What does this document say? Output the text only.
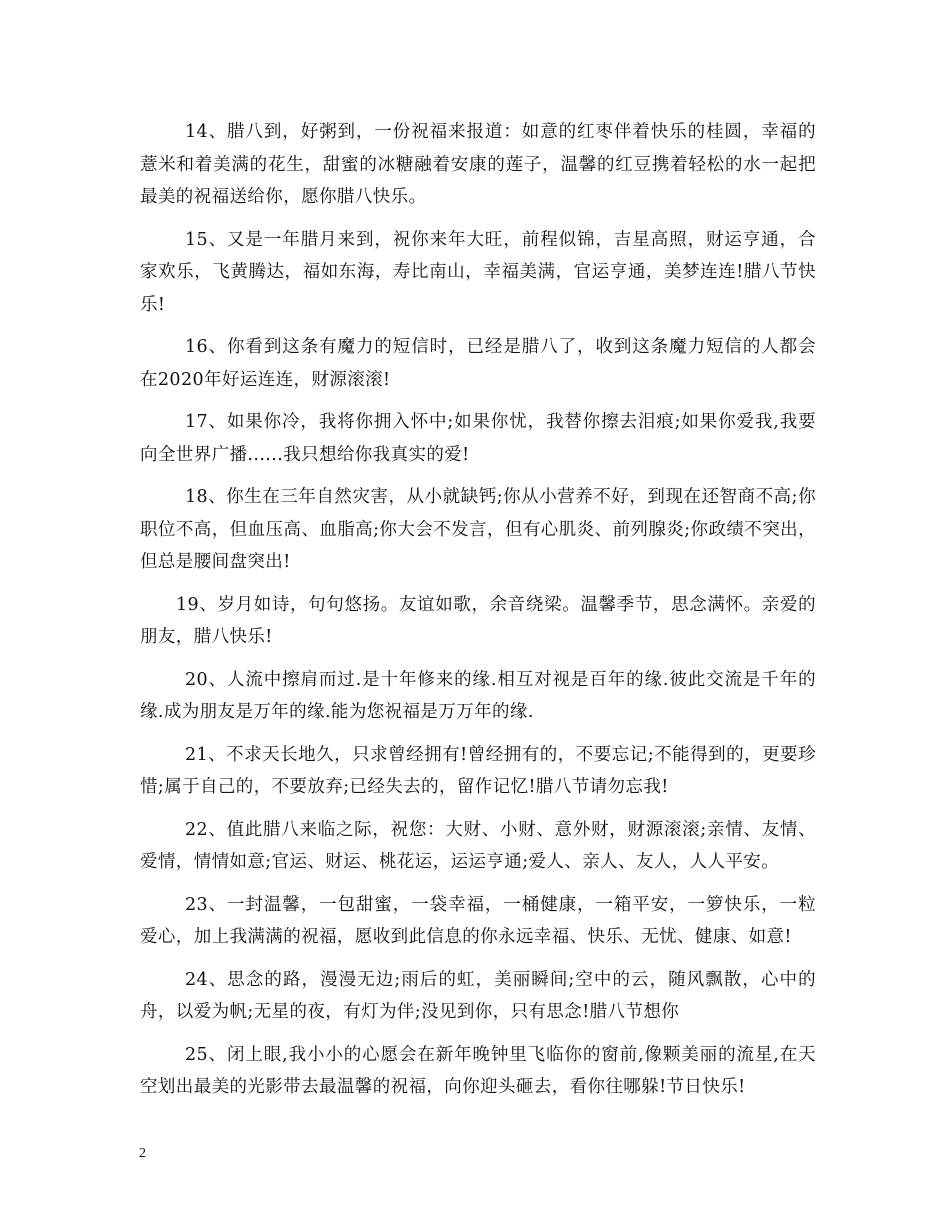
14、腊八到，好粥到，一份祝福来报道：如意的红枣伴着快乐的桂圆，幸福的薏米和着美满的花生，甜蜜的冰糖融着安康的莲子，温馨的红豆携着轻松的水一起把最美的祝福送给你，愿你腊八快乐。

15、又是一年腊月来到，祝你来年大旺，前程似锦，吉星高照，财运亨通，合家欢乐，飞黄腾达，福如东海，寿比南山，幸福美满，官运亨通，美梦连连!腊八节快乐!

16、你看到这条有魔力的短信时，已经是腊八了，收到这条魔力短信的人都会在2020年好运连连，财源滚滚!

17、如果你冷，我将你拥入怀中;如果你忧，我替你擦去泪痕;如果你爱我,我要向全世界广播......我只想给你我真实的爱!

18、你生在三年自然灾害，从小就缺钙;你从小营养不好，到现在还智商不高;你职位不高，但血压高、血脂高;你大会不发言，但有心肌炎、前列腺炎;你政绩不突出，但总是腰间盘突出!

19、岁月如诗，句句悠扬。友谊如歌，余音绕梁。温馨季节，思念满怀。亲爱的朋友，腊八快乐!

20、人流中擦肩而过.是十年修来的缘.相互对视是百年的缘.彼此交流是千年的缘.成为朋友是万年的缘.能为您祝福是万万年的缘.

21、不求天长地久，只求曾经拥有!曾经拥有的，不要忘记;不能得到的，更要珍惜;属于自己的，不要放弃;已经失去的，留作记忆!腊八节请勿忘我!

22、值此腊八来临之际，祝您：大财、小财、意外财，财源滚滚;亲情、友情、爱情，情情如意;官运、财运、桃花运，运运亨通;爱人、亲人、友人，人人平安。

23、一封温馨，一包甜蜜，一袋幸福，一桶健康，一箱平安，一箩快乐，一粒爱心，加上我满满的祝福，愿收到此信息的你永远幸福、快乐、无忧、健康、如意!

24、思念的路，漫漫无边;雨后的虹，美丽瞬间;空中的云，随风飘散，心中的舟，以爱为帆;无星的夜，有灯为伴;没见到你，只有思念!腊八节想你

25、闭上眼,我小小的心愿会在新年晚钟里飞临你的窗前,像颗美丽的流星,在天空划出最美的光影带去最温馨的祝福，向你迎头砸去，看你往哪躲!节日快乐!

2
